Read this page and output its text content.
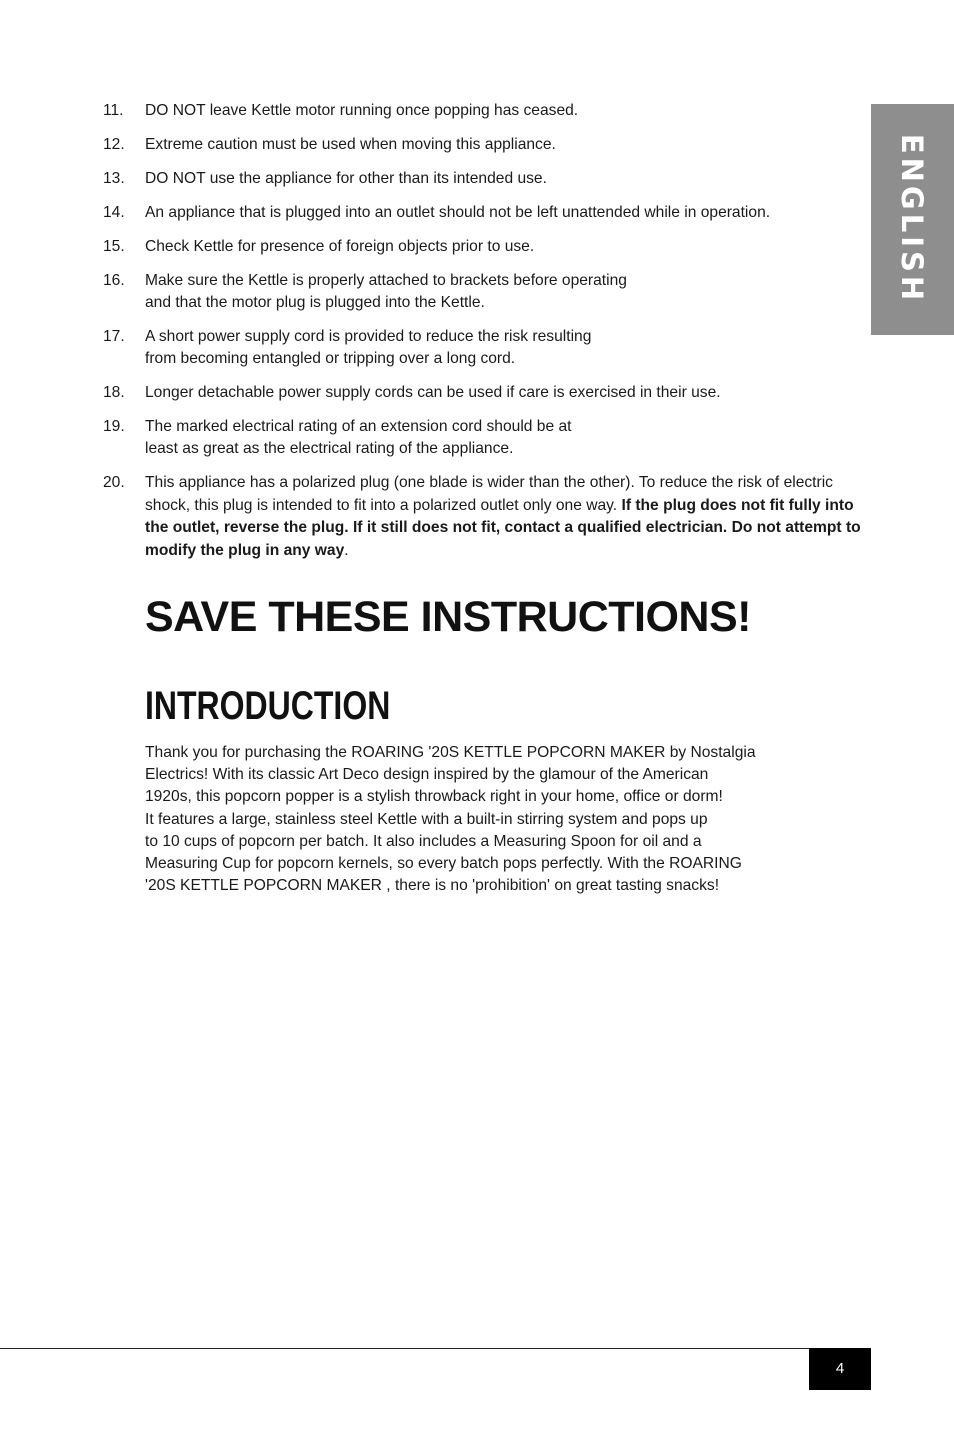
ENGLISH
11. DO NOT leave Kettle motor running once popping has ceased.
12. Extreme caution must be used when moving this appliance.
13. DO NOT use the appliance for other than its intended use.
14. An appliance that is plugged into an outlet should not be left unattended while in operation.
15. Check Kettle for presence of foreign objects prior to use.
16. Make sure the Kettle is properly attached to brackets before operating
and that the motor plug is plugged into the Kettle.
17. A short power supply cord is provided to reduce the risk resulting
from becoming entangled or tripping over a long cord.
18. Longer detachable power supply cords can be used if care is exercised in their use.
19. The marked electrical rating of an extension cord should be at
least as great as the electrical rating of the appliance.
20. This appliance has a polarized plug (one blade is wider than the other). To reduce the risk of electric shock, this plug is intended to fit into a polarized outlet only one way. If the plug does not fit fully into the outlet, reverse the plug. If it still does not fit, contact a qualified electrician. Do not attempt to modify the plug in any way.
SAVE THESE INSTRUCTIONS!
INTRODUCTION

Thank you for purchasing the ROARING '20S KETTLE POPCORN MAKER by Nostalgia
Electrics! With its classic Art Deco design inspired by the glamour of the American
1920s, this popcorn popper is a stylish throwback right in your home, office or dorm!
It features a large, stainless steel Kettle with a built-in stirring system and pops up
to 10 cups of popcorn per batch. It also includes a Measuring Spoon for oil and a
Measuring Cup for popcorn kernels, so every batch pops perfectly. With the ROARING
'20S KETTLE POPCORN MAKER , there is no 'prohibition' on great tasting snacks!

4
